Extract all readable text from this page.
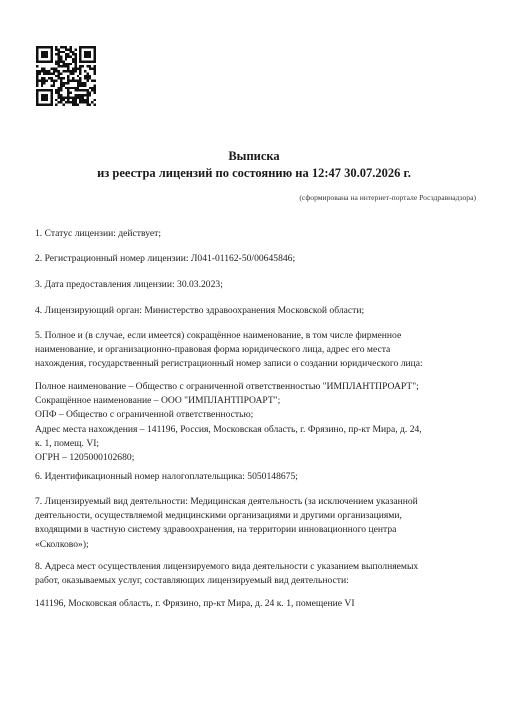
Выписка
из реестра лицензий по состоянию на 12:47 30.07.2026 г.
(сформирована на интернет-портале Росздравнадзора)
1. Статус лицензии: действует;
2. Регистрационный номер лицензии: Л041-01162-50/00645846;
3. Дата предоставления лицензии: 30.03.2023;
4. Лицензирующий орган: Министерство здравоохранения Московской области;
5. Полное и (в случае, если имеется) сокращённое наименование, в том числе фирменное
наименование, и организационно-правовая форма юридического лица, адрес его места
нахождения, государственный регистрационный номер записи о создании юридического лица:
Полное наименование – Общество с ограниченной ответственностью "ИМПЛАНТПРОАРТ";
Сокращённое наименование – ООО "ИМПЛАНТПРОАРТ";
ОПФ – Общество с ограниченной ответственностью;
Адрес места нахождения – 141196, Россия, Московская область, г. Фрязино, пр-кт Мира, д. 24,
к. 1, помещ. VI;
ОГРН – 1205000102680;
6. Идентификационный номер налогоплательщика: 5050148675;
7. Лицензируемый вид деятельности: Медицинская деятельность (за исключением указанной
деятельности, осуществляемой медицинскими организациями и другими организациями,
входящими в частную систему здравоохранения, на территории инновационного центра
«Сколково»);
8. Адреса мест осуществления лицензируемого вида деятельности с указанием выполняемых
работ, оказываемых услуг, составляющих лицензируемый вид деятельности:
141196, Московская область, г. Фрязино, пр-кт Мира, д. 24 к. 1, помещение VI
